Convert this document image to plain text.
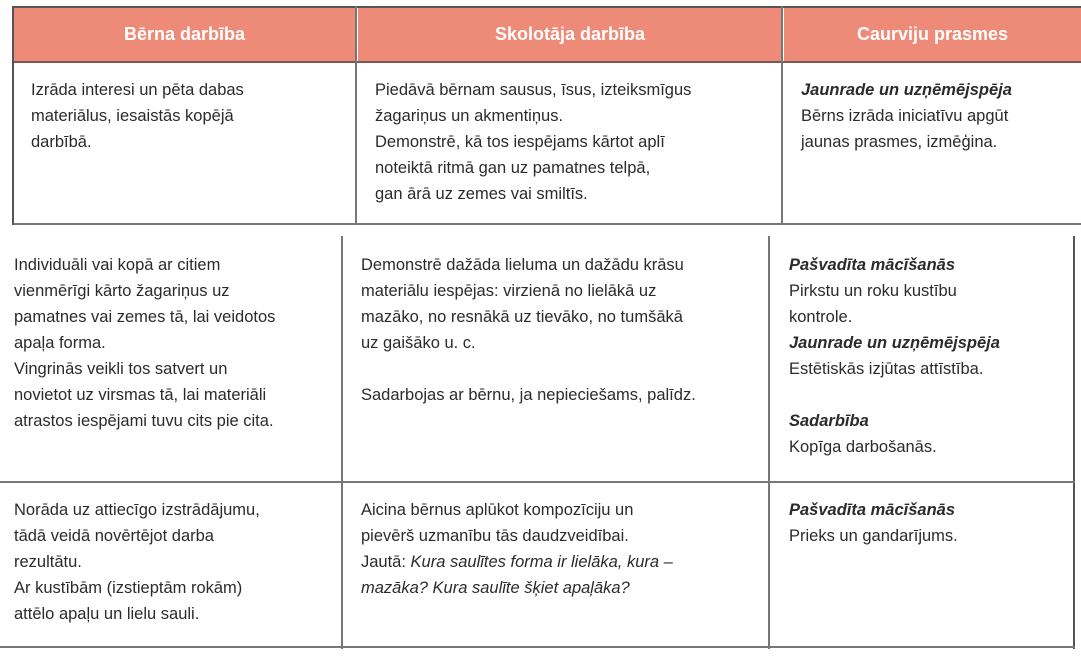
Bērna darbība	Skolotāja darbība	Caurviju prasmes

Izrāda interesi un pēta dabas

materiālus, iesaistās kopējā

darbībā.

Piedāvā bērnam sausus, īsus, izteiksmīgus

žagariņus un akmentiņus.

Demonstrē, kā tos iespējams kārtot aplī

noteiktā ritmā gan uz pamatnes telpā,

gan ārā uz zemes vai smiltīs.

Jaunrade un uzņēmējspēja

Bērns izrāda iniciatīvu apgūt

jaunas prasmes, izmēģina.

Individuāli vai kopā ar citiem

vienmērīgi kārto žagariņus uz

pamatnes vai zemes tā, lai veidotos

apaļa forma.

Vingrinās veikli tos satvert un

novietot uz virsmas tā, lai materiāli

atrastos iespējami tuvu cits pie cita.

Demonstrē dažāda lieluma un dažādu krāsu

materiālu iespējas: virzienā no lielākā uz

mazāko, no resnākā uz tievāko, no tumšākā

uz gaišāko u. c.

Sadarbojas ar bērnu, ja nepieciešams, palīdz.

Pašvadīta mācīšanās

Pirkstu un roku kustību

kontrole.

Jaunrade un uzņēmējspēja

Estētiskās izjūtas attīstība.

Sadarbība

Kopīga darbošanās.

Norāda uz attiecīgo izstrādājumu,

tādā veidā novērtējot darba

rezultātu.

Ar kustībām (izstieptām rokām)

attēlo apaļu un lielu sauli.

Aicina bērnus aplūkot kompozīciju un

pievērš uzmanību tās daudzveidībai.

Jautā: Kura saulītes forma ir lielāka, kura –

mazāka? Kura saulīte šķiet apaļāka?

Pašvadīta mācīšanās

Prieks un gandarījums.
